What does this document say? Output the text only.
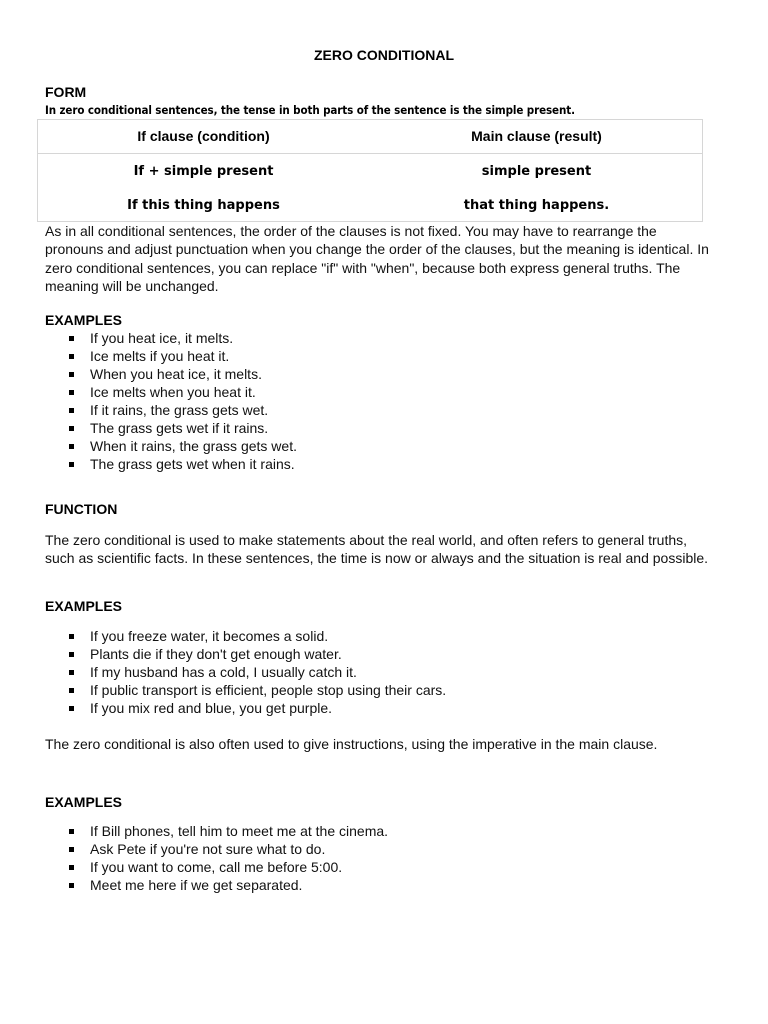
ZERO CONDITIONAL
FORM
In zero conditional sentences, the tense in both parts of the sentence is the simple present.
If clause (condition)	Main clause (result)
If + simple present	simple present
If this thing happens	that thing happens.
As in all conditional sentences, the order of the clauses is not fixed. You may have to rearrange the pronouns and adjust punctuation when you change the order of the clauses, but the meaning is identical. In zero conditional sentences, you can replace "if" with "when", because both express general truths. The meaning will be unchanged.
EXAMPLES
If you heat ice, it melts.
Ice melts if you heat it.
When you heat ice, it melts.
Ice melts when you heat it.
If it rains, the grass gets wet.
The grass gets wet if it rains.
When it rains, the grass gets wet.
The grass gets wet when it rains.
FUNCTION
The zero conditional is used to make statements about the real world, and often refers to general truths, such as scientific facts. In these sentences, the time is now or always and the situation is real and possible.
EXAMPLES
If you freeze water, it becomes a solid.
Plants die if they don't get enough water.
If my husband has a cold, I usually catch it.
If public transport is efficient, people stop using their cars.
If you mix red and blue, you get purple.
The zero conditional is also often used to give instructions, using the imperative in the main clause.
EXAMPLES
If Bill phones, tell him to meet me at the cinema.
Ask Pete if you're not sure what to do.
If you want to come, call me before 5:00.
Meet me here if we get separated.
